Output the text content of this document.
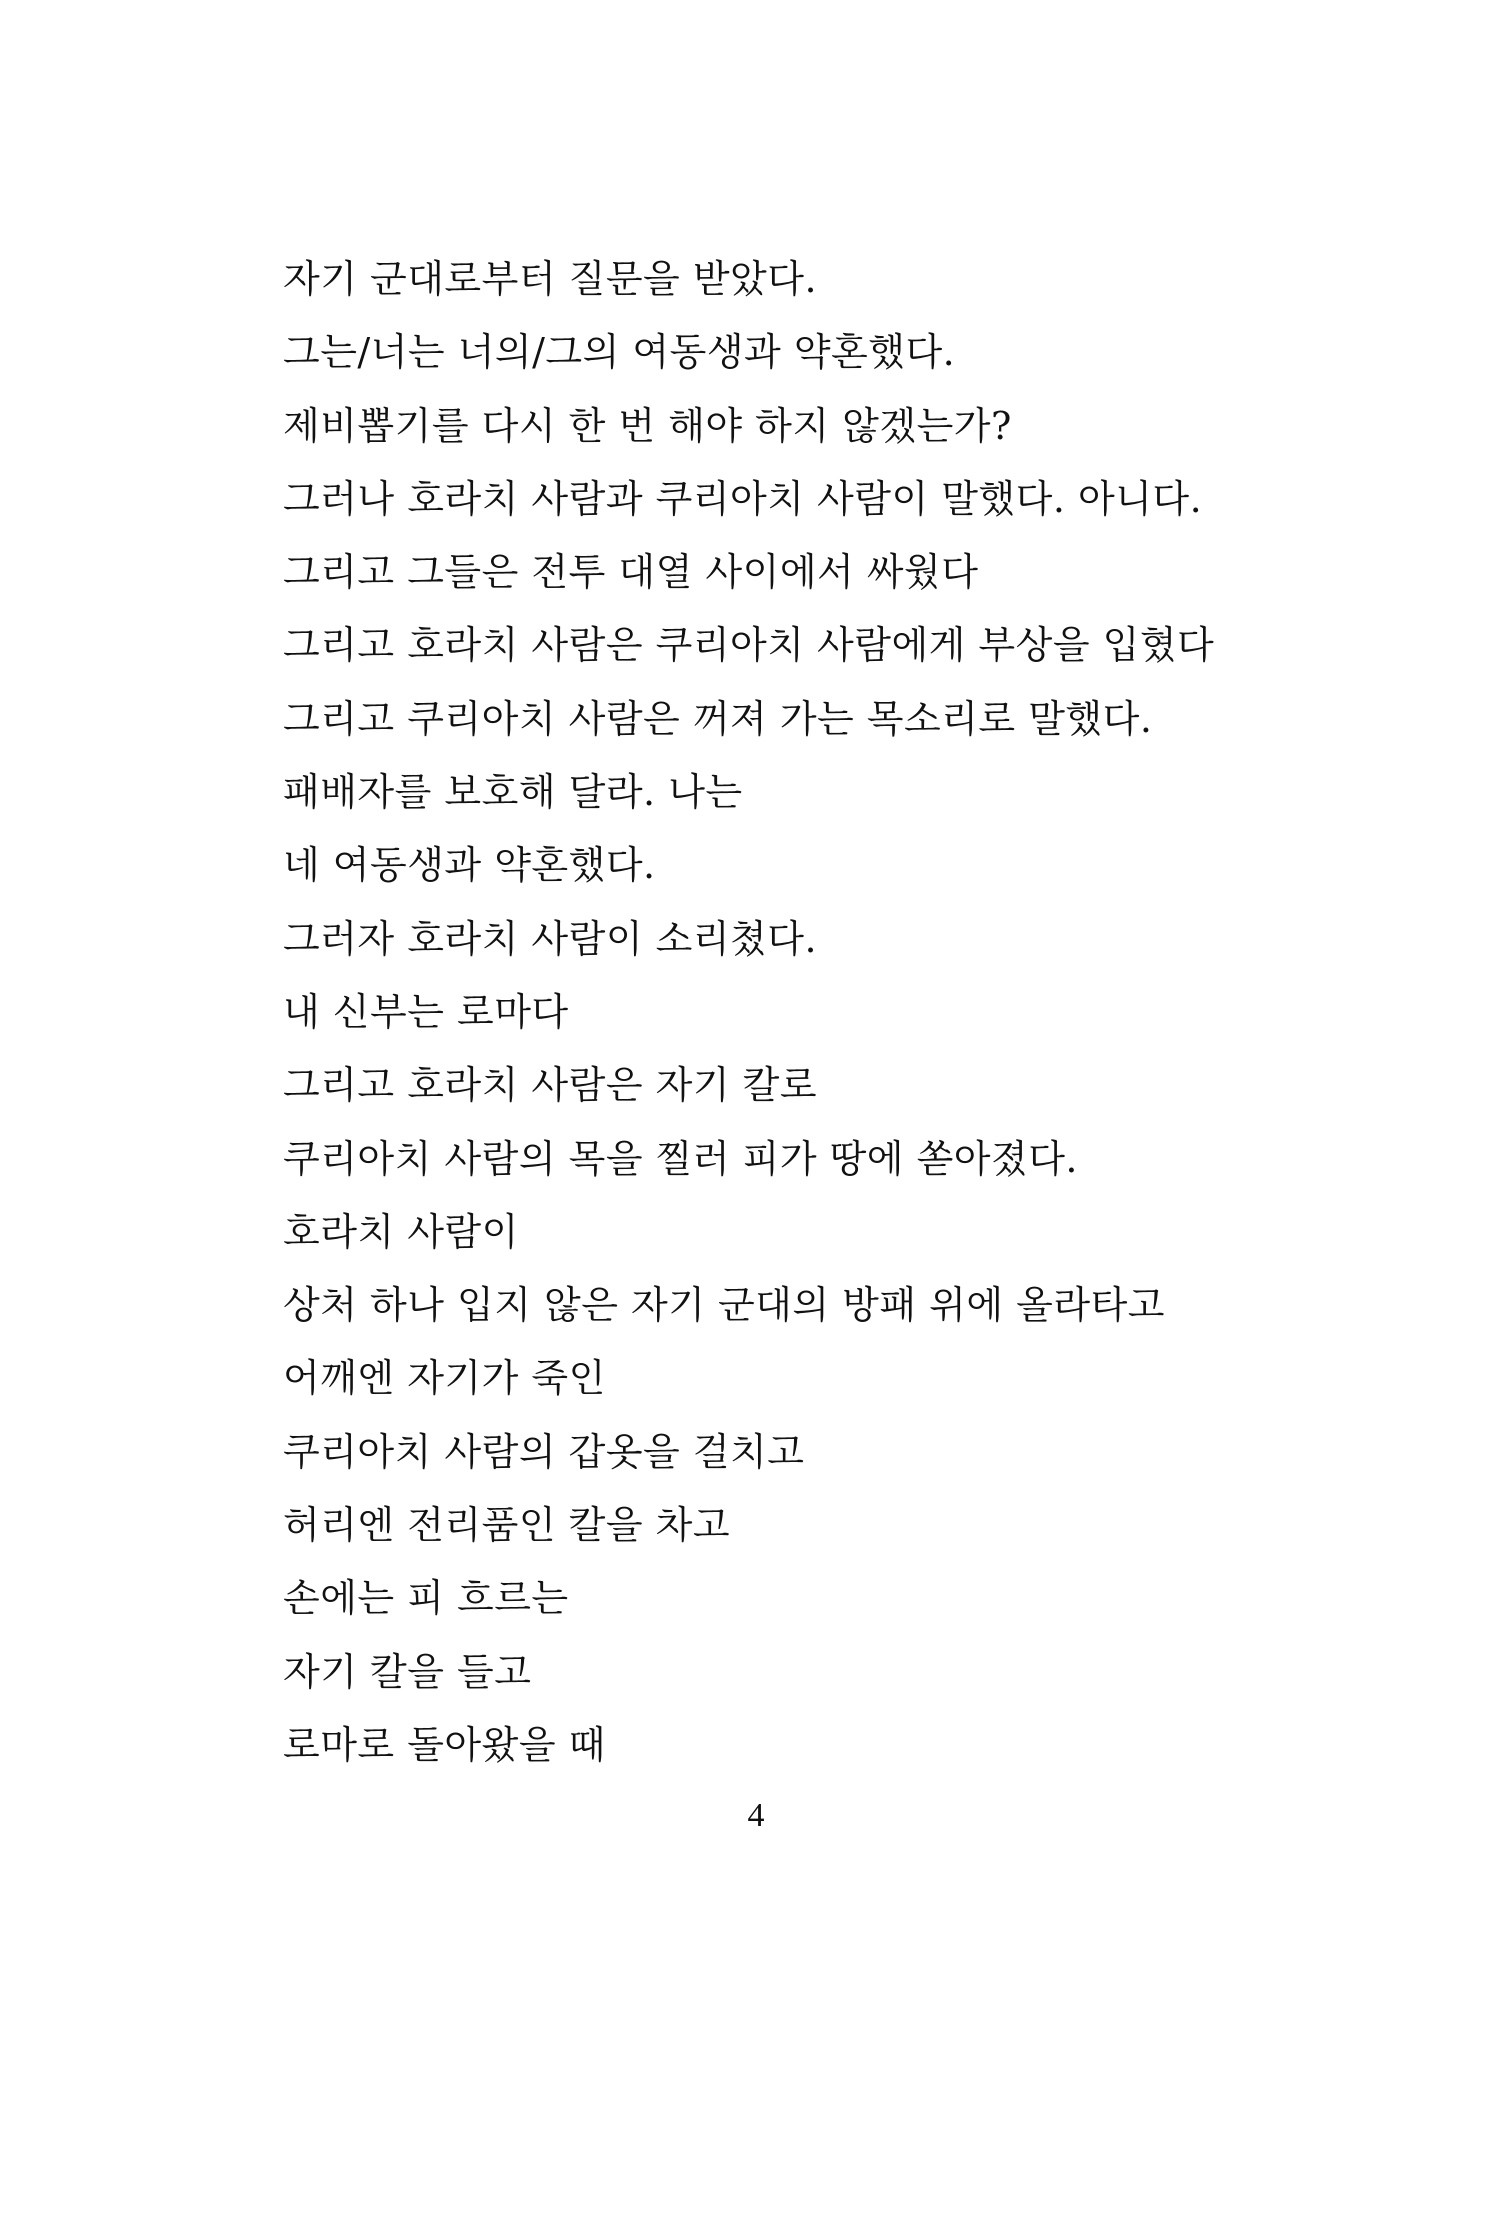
자기 군대로부터 질문을 받았다.
그는/너는 너의/그의 여동생과 약혼했다.
제비뽑기를 다시 한 번 해야 하지 않겠는가?
그러나 호라치 사람과 쿠리아치 사람이 말했다. 아니다.
그리고 그들은 전투 대열 사이에서 싸웠다
그리고 호라치 사람은 쿠리아치 사람에게 부상을 입혔다
그리고 쿠리아치 사람은 꺼져 가는 목소리로 말했다.
패배자를 보호해 달라. 나는
네 여동생과 약혼했다.
그러자 호라치 사람이 소리쳤다.
내 신부는 로마다
그리고 호라치 사람은 자기 칼로
쿠리아치 사람의 목을 찔러 피가 땅에 쏟아졌다.
호라치 사람이
상처 하나 입지 않은 자기 군대의 방패 위에 올라타고
어깨엔 자기가 죽인
쿠리아치 사람의 갑옷을 걸치고
허리엔 전리품인 칼을 차고
손에는 피 흐르는
자기 칼을 들고
로마로 돌아왔을 때
4
